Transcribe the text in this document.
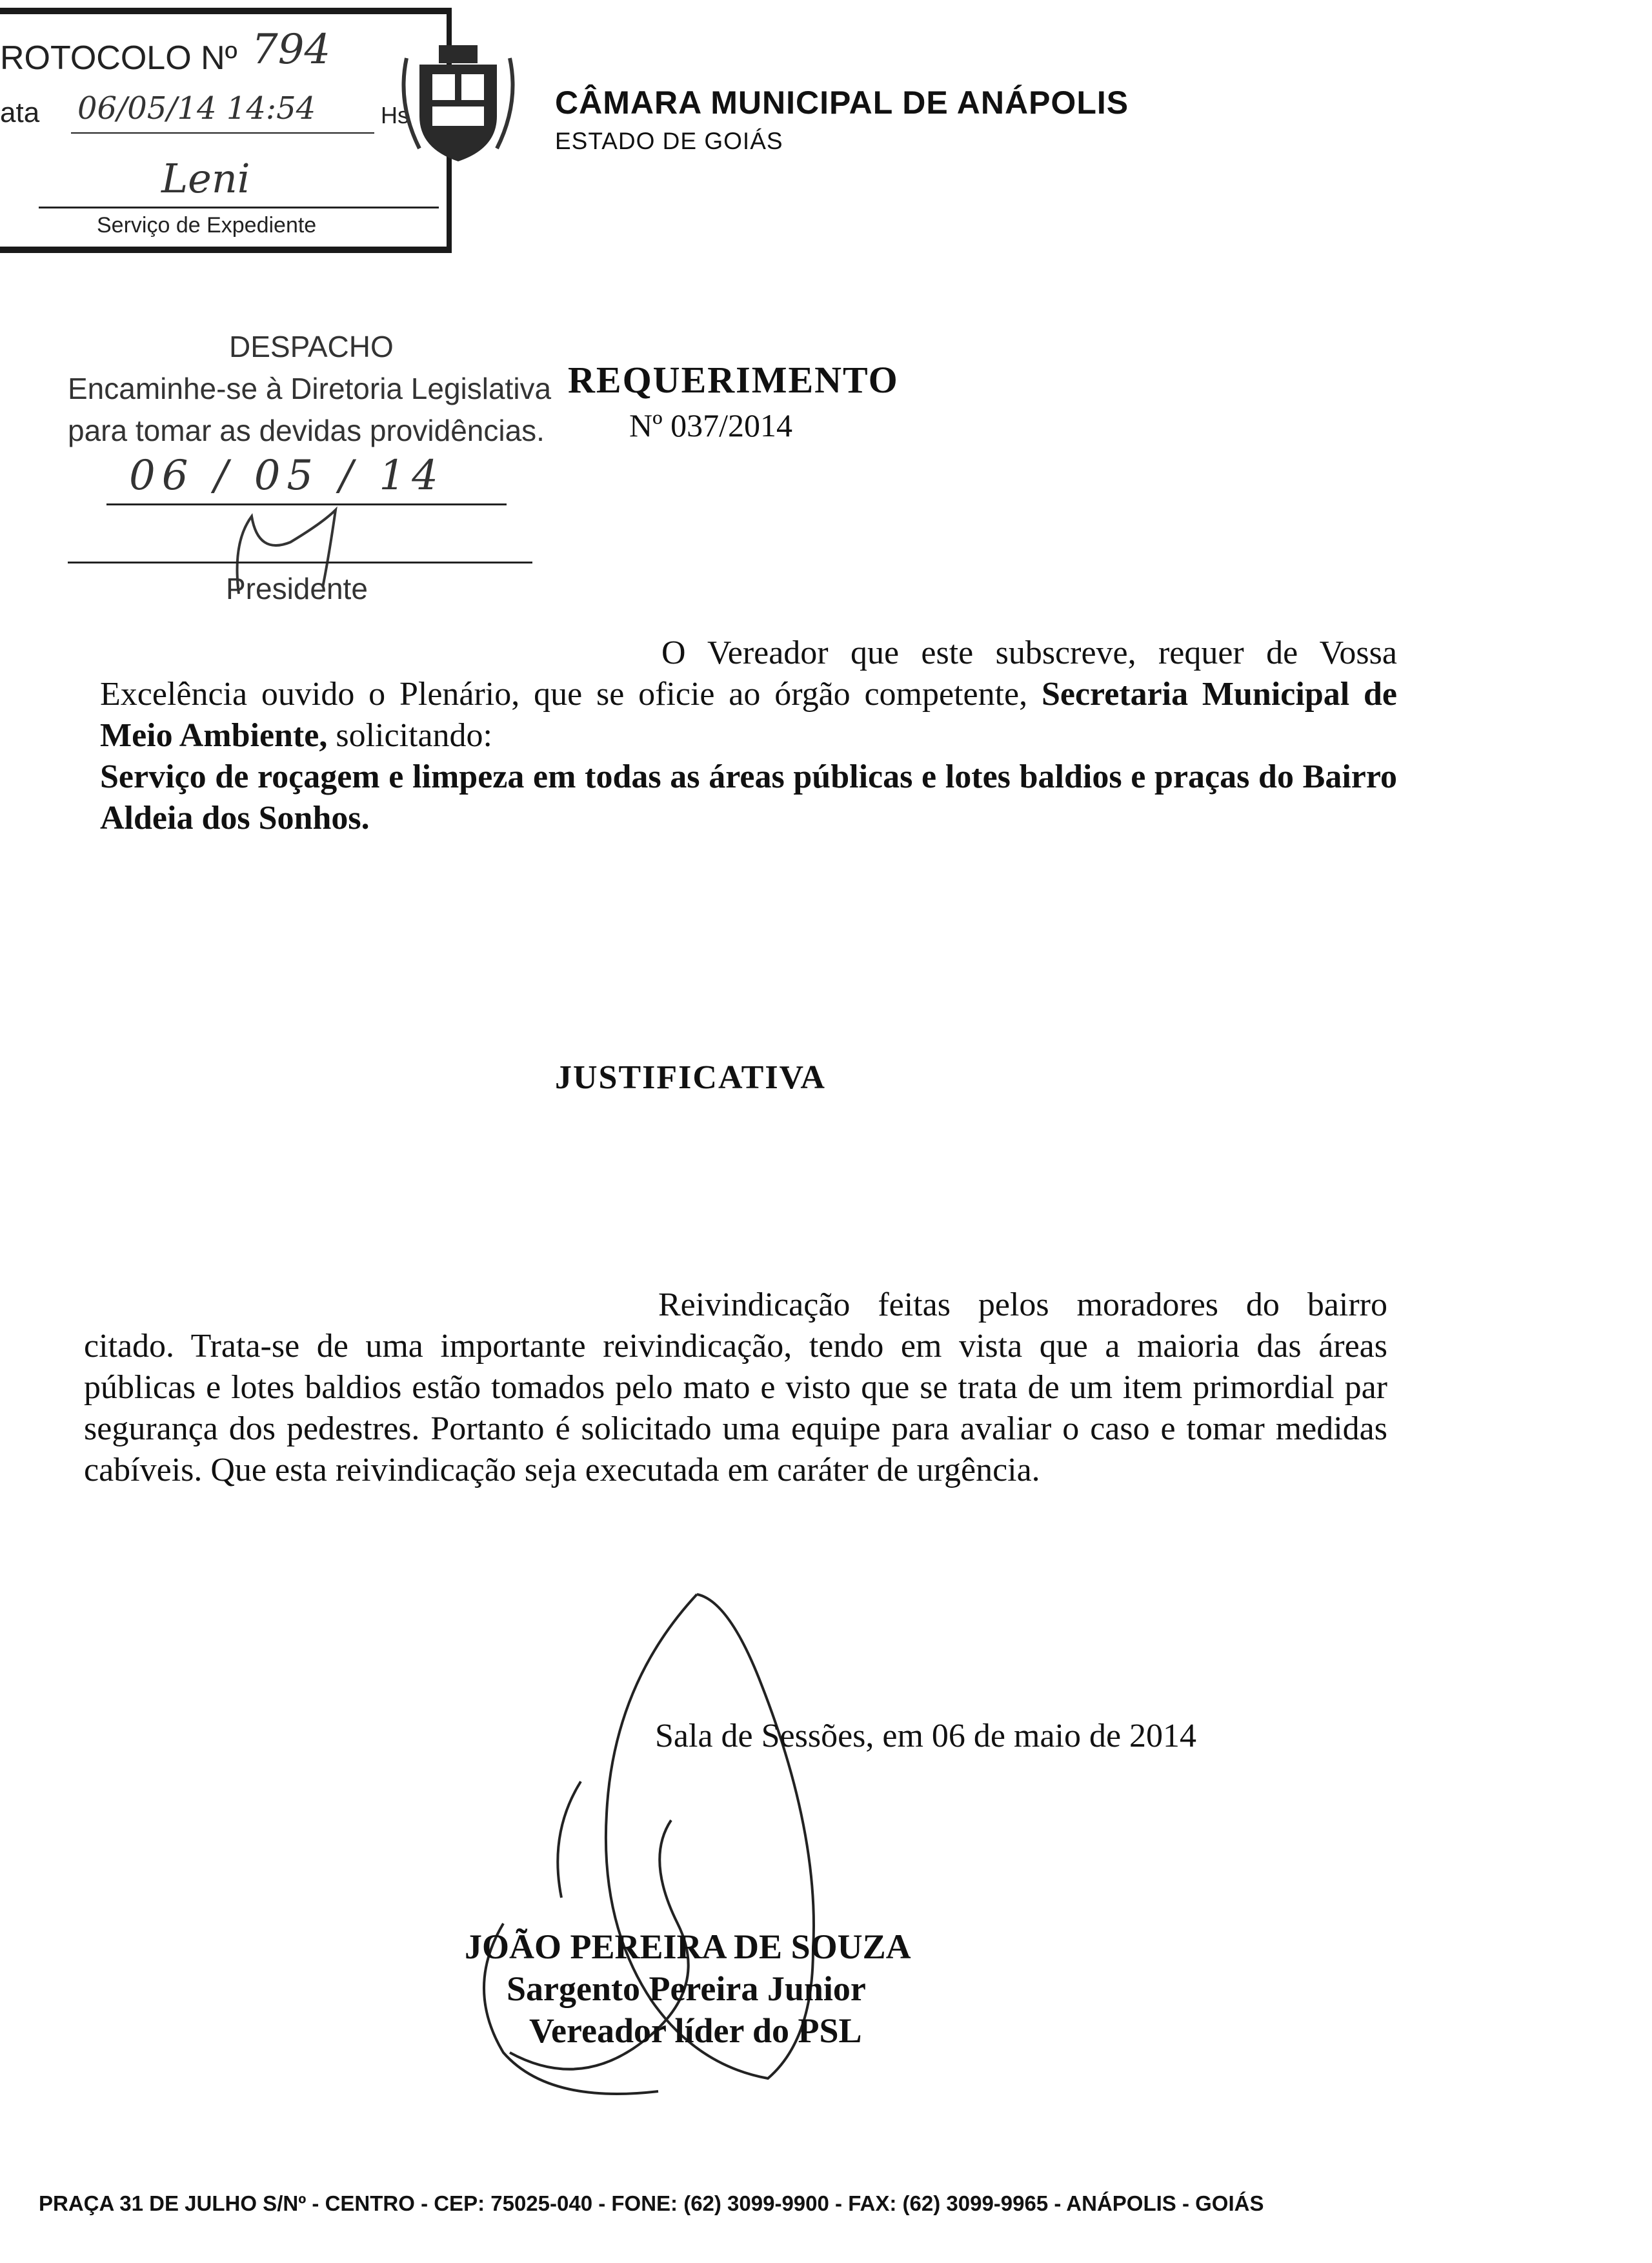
ROTOCOLO Nº 794
ata 06/05/14 14:54	Hs
Leni
Serviço de Expediente
CÂMARA MUNICIPAL DE ANÁPOLIS
ESTADO DE GOIÁS
DESPACHO
Encaminhe-se à Diretoria Legislativa
para tomar as devidas providências.
06 / 05 / 14
Presidente
REQUERIMENTO
Nº 037/2014
O Vereador que este subscreve, requer de Vossa Excelência ouvido o Plenário, que se oficie ao órgão competente, Secretaria Municipal de Meio Ambiente, solicitando:
Serviço de roçagem e limpeza em todas as áreas públicas e lotes baldios e praças do Bairro Aldeia dos Sonhos.
JUSTIFICATIVA
Reivindicação feitas pelos moradores do bairro citado. Trata-se de uma importante reivindicação, tendo em vista que a maioria das áreas públicas e lotes baldios estão tomados pelo mato e visto que se trata de um item primordial par segurança dos pedestres. Portanto é solicitado uma equipe para avaliar o caso e tomar medidas cabíveis. Que esta reivindicação seja executada em caráter de urgência.
Sala de Sessões, em 06 de maio de 2014
JOÃO PEREIRA DE SOUZA
Sargento Pereira Junior
Vereador líder do PSL
PRAÇA 31 DE JULHO S/Nº - CENTRO - CEP: 75025-040 - FONE: (62) 3099-9900 - FAX: (62) 3099-9965 - ANÁPOLIS - GOIÁS
